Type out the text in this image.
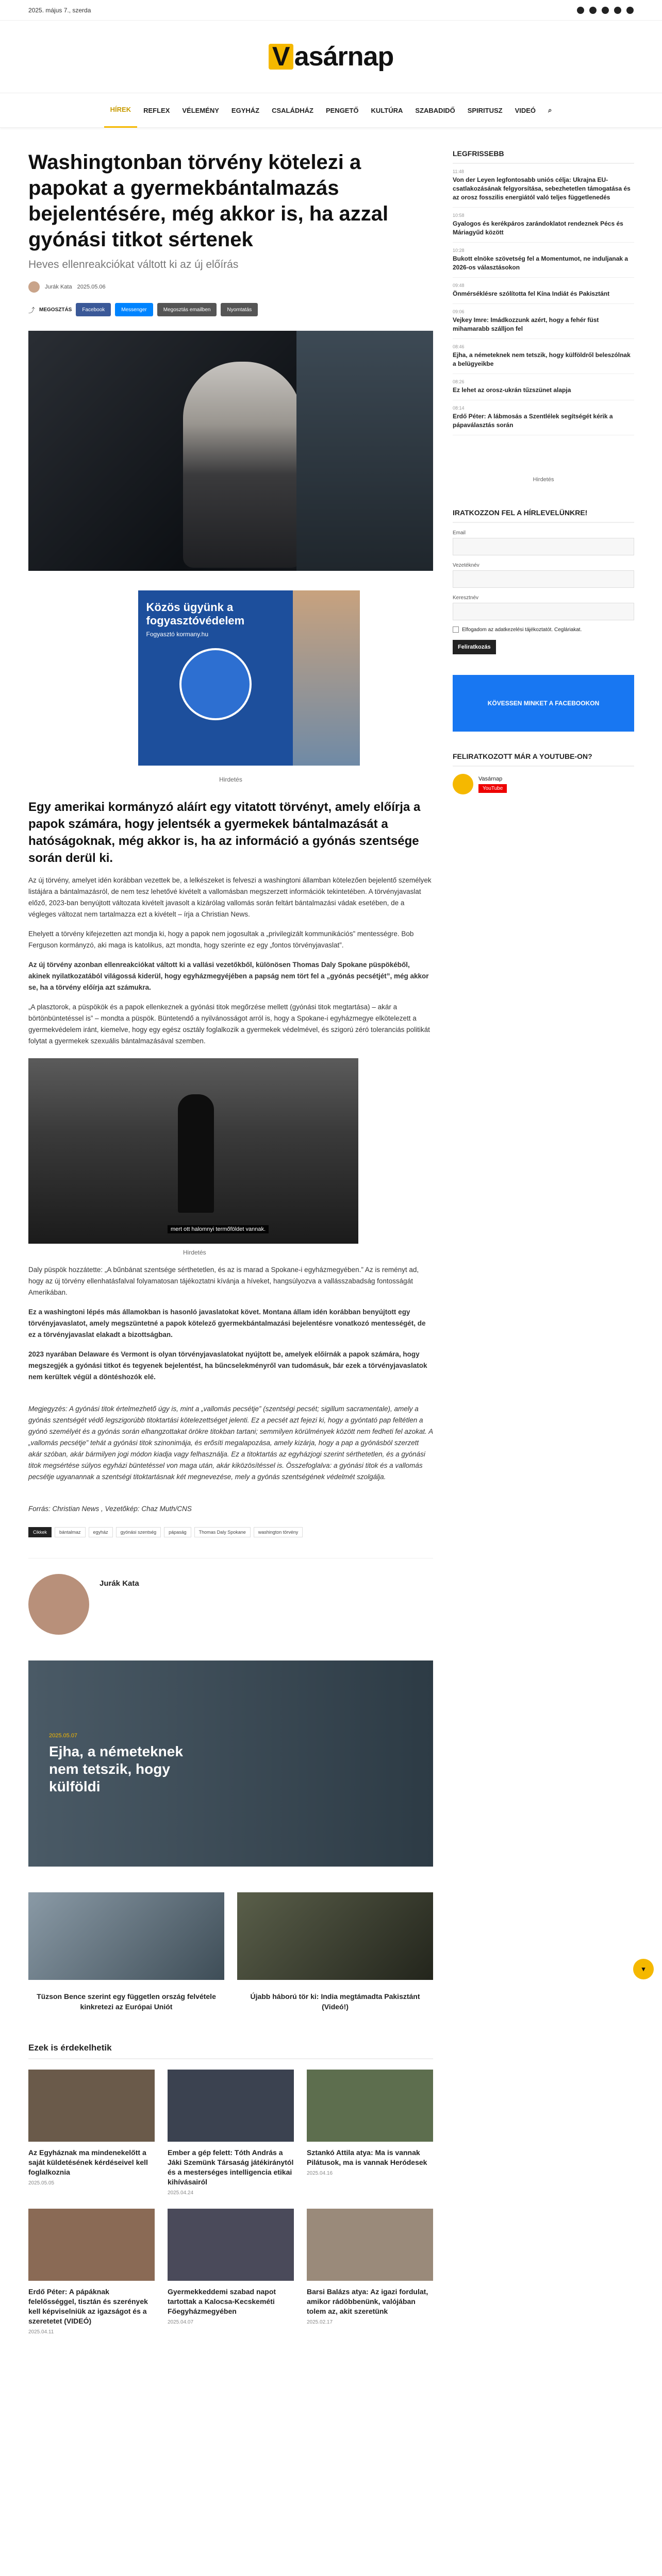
2025. május 7., szerda
V asárnap
HÍREK	REFLEX	VÉLEMÉNY	EGYHÁZ	CSALÁDHÁZ	PENGETŐ	KULTÚRA	SZABADIDŐ	SPIRITUSZ	VIDEÓ	⌕
Washingtonban törvény kötelezi a papokat a gyermekbántalmazás bejelentésére, még akkor is, ha azzal gyónási titkot sértenek
Heves ellenreakciókat váltott ki az új előírás
Jurák Kata 2025.05.06
⤴ MEGOSZTÁS	Facebook	Messenger	Megosztás emailben	Nyomtatás
Közös ügyünk a fogyasztóvédelem
Fogyasztó kormany.hu
Hirdetés

Egy amerikai kormányzó aláírt egy vitatott törvényt, amely előírja a papok számára, hogy jelentsék a gyermekek bántalmazását a hatóságoknak, még akkor is, ha az információ a gyónás szentsége során derül ki.

Az új törvény, amelyet idén korábban vezettek be, a lelkészeket is felveszi a washingtoni államban kötelezően bejelentő személyek listájára a bántalmazásról, de nem tesz lehetővé kivételt a vallomásban megszerzett információk tekintetében. A törvényjavaslat előző, 2023-ban benyújtott változata kivételt javasolt a kizárólag vallomás során feltárt bántalmazási vádak esetében, de a végleges változat nem tartalmazza ezt a kivételt – írja a Christian News.

Ehelyett a törvény kifejezetten azt mondja ki, hogy a papok nem jogosultak a „privilegizált kommunikációs” mentességre. Bob Ferguson kormányzó, aki maga is katolikus, azt mondta, hogy szerinte ez egy „fontos törvényjavaslat”.

Az új törvény azonban ellenreakciókat váltott ki a vallási vezetőkből, különösen Thomas Daly Spokane püspökéből, akinek nyilatkozatából világossá kiderül, hogy egyházmegyéjében a papság nem tört fel a „gyónás pecsétjét”, még akkor se, ha a törvény előírja azt számukra.

„A plasztorok, a püspökök és a papok ellenkeznek a gyónási titok megőrzése mellett (gyónási titok megtartása) – akár a börtönbüntetéssel is” – mondta a püspök. Büntetendő a nyilvánosságot arról is, hogy a Spokane-i egyházmegye elkötelezett a gyermekvédelem iránt, kiemelve, hogy egy egész osztály foglalkozik a gyermekek védelmével, és szigorú zéró toleranciás politikát folytat a gyermekek szexuális bántalmazásával szemben.

mert ott halomnyi termőföldet vannak.
Hirdetés

Daly püspök hozzátette: „A bűnbánat szentsége sérthetetlen, és az is marad a Spokane-i egyházmegyében.” Az is reményt ad, hogy az új törvény ellenhatásfalval folyamatosan tájékoztatni kívánja a híveket, hangsúlyozva a vallásszabadság fontosságát Amerikában.

Ez a washingtoni lépés más államokban is hasonló javaslatokat követ. Montana állam idén korábban benyújtott egy törvényjavaslatot, amely megszüntetné a papok kötelező gyermekbántalmazási bejelentésre vonatkozó mentességét, de ez a törvényjavaslat elakadt a bizottságban.

2023 nyarában Delaware és Vermont is olyan törvényjavaslatokat nyújtott be, amelyek előírnák a papok számára, hogy megszegjék a gyónási titkot és tegyenek bejelentést, ha bűncselekményről van tudomásuk, bár ezek a törvényjavaslatok nem kerültek végül a döntéshozók elé.

Megjegyzés: A gyónási titok értelmezhető úgy is, mint a „vallomás pecsétje” (szentségi pecsét; sigillum sacramentale), amely a gyónás szentségét védő legszigorúbb titoktartási kötelezettséget jelenti. Ez a pecsét azt fejezi ki, hogy a gyóntató pap feltétlen a gyónó személyét és a gyónás során elhangzottakat örökre titokban tartani; semmilyen körülmények között nem fedheti fel azokat. A „vallomás pecsétje” tehát a gyónási titok szinonimája, és erősíti megalapozása, amely kizárja, hogy a pap a gyónásból szerzett akár szóban, akár bármilyen jogi módon kiadja vagy felhasználja. Ez a titoktartás az egyházjogi szerint sérthetetlen, és a gyónási titok megsértése súlyos egyházi büntetéssel von maga után, akár kiközösítéssel is. Összefoglalva: a gyónási titok és a vallomás pecsétje ugyanannak a szentségi titoktartásnak két megnevezése, mely a gyónás szentségének védelmét szolgálja.

Forrás: Christian News , Vezetőkép: Chaz Muth/CNS

Cikkek	bántalmaz	egyház	gyónási szentség	pápaság	Thomas Daly Spokane	washington törvény
Jurák Kata
2025.05.07
Ejha, a németeknek nem tetszik, hogy külföldi
Tüzson Bence szerint egy független ország felvétele kinkretezi az Európai Uniót
Újabb háború tör ki: India megtámadta Pakisztánt (Videó!)
Ezek is érdekelhetik
Az Egyháznak ma mindenekelőtt a saját küldetésének kérdéseivel kell foglalkoznia
2025.05.05
Ember a gép felett: Tóth András a Jáki Szemünk Társaság játékiránytól és a mesterséges intelligencia etikai kihívásairól
2025.04.24
Sztankó Attila atya: Ma is vannak Pilátusok, ma is vannak Heródesek
2025.04.16
Erdő Péter: A pápáknak felelősséggel, tisztán és szerények kell képviselniük az igazságot és a szeretetet (VIDEÓ)
2025.04.11
Gyermekkeddemi szabad napot tartottak a Kalocsa-Kecskeméti Főegyházmegyében
2025.04.07
Barsi Balázs atya: Az igazi fordulat, amikor rádöbbenünk, valójában tolem az, akit szeretünk
2025.02.17
LEGFRISSEBB
11:48
Von der Leyen legfontosabb uniós célja: Ukrajna EU-csatlakozásának felgyorsítása, sebezhetetlen támogatása és az orosz fosszilis energiától való teljes függetlenedés
10:58
Gyalogos és kerékpáros zarándoklatot rendeznek Pécs és Máriagyűd között
10:28
Bukott elnöke szövetség fel a Momentumot, ne induljanak a 2026-os választásokon
09:48
Önmérséklésre szólította fel Kína Indiát és Pakisztánt
09:06
Vejkey Imre: Imádkozzunk azért, hogy a fehér füst mihamarabb szálljon fel
08:46
Ejha, a németeknek nem tetszik, hogy külföldről beleszólnak a belügyeikbe
08:26
Ez lehet az orosz-ukrán tűzszünet alapja
08:14
Erdő Péter: A lábmosás a Szentlélek segítségét kérik a pápaválasztás során
Hirdetés
IRATKOZZON FEL A HÍRLEVELÜNKRE!
Email
Vezetéknév
Keresztnév
Elfogadom az adatkezelési tájékoztatót. Cegláriakat.
Feliratkozás
KÖVESSEN MINKET A FACEBOOKON
FELIRATKOZOTT MÁR A YOUTUBE-ON?
Vasárnap
YouTube
▾
